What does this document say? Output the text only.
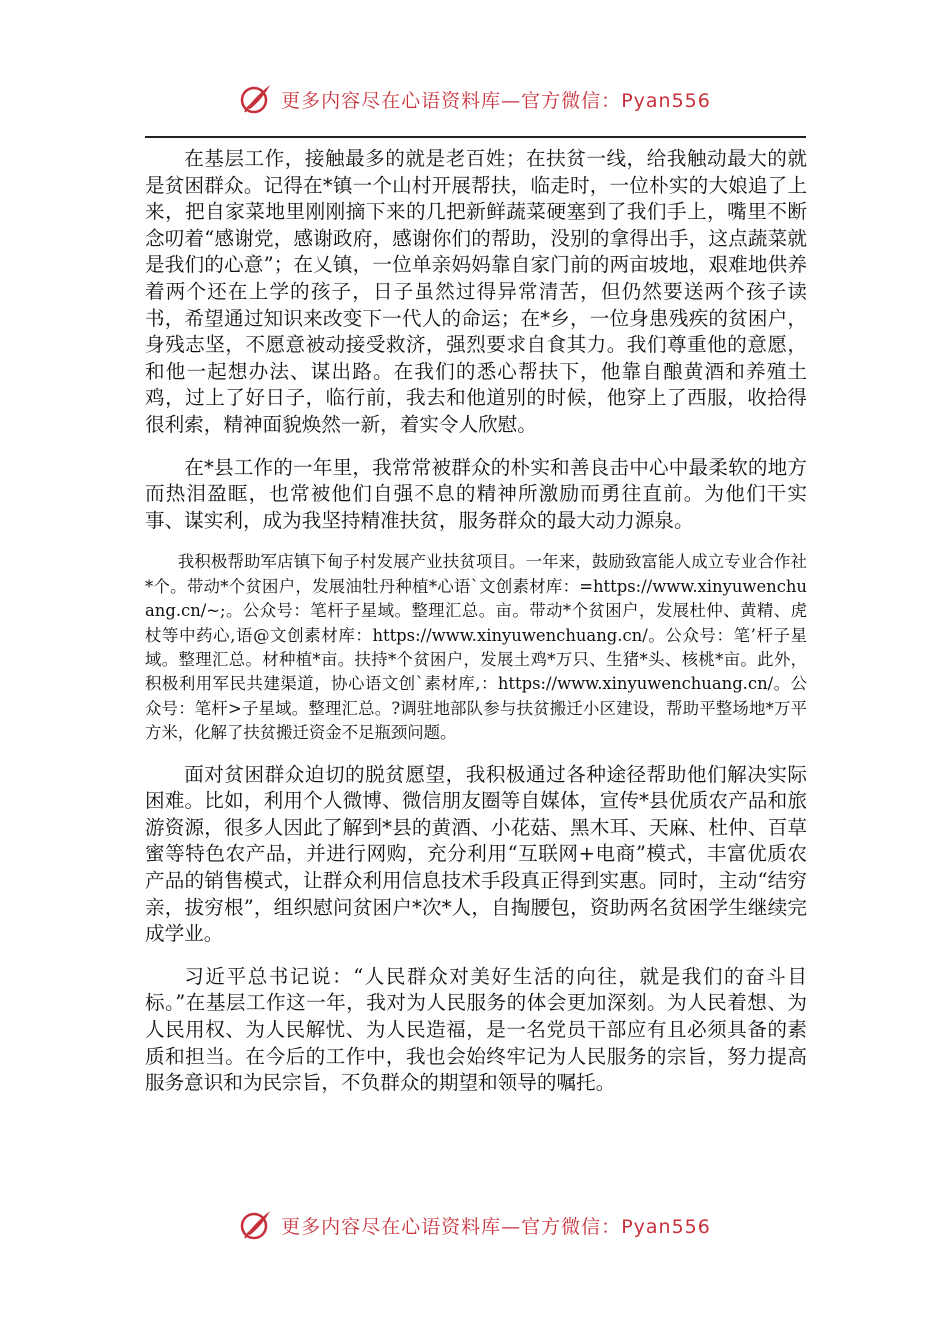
更多内容尽在心语资料库—官方微信：Pyan556

在基层工作，接触最多的就是老百姓；在扶贫一线，给我触动最大的就是贫困群众。记得在*镇一个山村开展帮扶，临走时，一位朴实的大娘追了上来，把自家菜地里刚刚摘下来的几把新鲜蔬菜硬塞到了我们手上，嘴里不断念叨着“感谢党，感谢政府，感谢你们的帮助，没别的拿得出手，这点蔬菜就是我们的心意”；在乂镇，一位单亲妈妈靠自家门前的两亩坡地，艰难地供养着两个还在上学的孩子，日子虽然过得异常清苦，但仍然要送两个孩子读书，希望通过知识来改变下一代人的命运；在*乡，一位身患残疾的贫困户，身残志坚，不愿意被动接受救济，强烈要求自食其力。我们尊重他的意愿，和他一起想办法、谋出路。在我们的悉心帮扶下，他靠自酿黄酒和养殖土鸡，过上了好日子，临行前，我去和他道别的时候，他穿上了西服，收拾得很利索，精神面貌焕然一新，着实令人欣慰。

在*县工作的一年里，我常常被群众的朴实和善良击中心中最柔软的地方而热泪盈眶，也常被他们自强不息的精神所激励而勇往直前。为他们干实事、谋实利，成为我坚持精准扶贫，服务群众的最大动力源泉。

我积极帮助军店镇下甸子村发展产业扶贫项目。一年来，鼓励致富能人成立专业合作社*个。带动*个贫困户，发展油牡丹种植*心语`文创素材库：=https://www.xinyuwenchuang.cn/~;。公众号：笔杆子星域。整理汇总。亩。带动*个贫困户，发展杜仲、黄精、虎杖等中药心,语@文创素材库：https://www.xinyuwenchuang.cn/。公众号：笔’杆子星域。整理汇总。材种植*亩。扶持*个贫困户，发展土鸡*万只、生猪*头、核桃*亩。此外，积极利用军民共建渠道，协心语文创`素材库,：https://www.xinyuwenchuang.cn/。公众号：笔杆>子星域。整理汇总。?调驻地部队参与扶贫搬迁小区建设，帮助平整场地*万平方米，化解了扶贫搬迁资金不足瓶颈问题。

面对贫困群众迫切的脱贫愿望，我积极通过各种途径帮助他们解决实际困难。比如，利用个人微博、微信朋友圈等自媒体，宣传*县优质农产品和旅游资源，很多人因此了解到*县的黄酒、小花菇、黑木耳、天麻、杜仲、百草蜜等特色农产品，并进行网购，充分利用“互联网+电商”模式，丰富优质农产品的销售模式，让群众利用信息技术手段真正得到实惠。同时，主动“结穷亲，拔穷根”，组织慰问贫困户*次*人，自掏腰包，资助两名贫困学生继续完成学业。

习近平总书记说：“人民群众对美好生活的向往，就是我们的奋斗目标。”在基层工作这一年，我对为人民服务的体会更加深刻。为人民着想、为人民用权、为人民解忧、为人民造福，是一名党员干部应有且必须具备的素质和担当。在今后的工作中，我也会始终牢记为人民服务的宗旨，努力提高服务意识和为民宗旨，不负群众的期望和领导的嘱托。

更多内容尽在心语资料库—官方微信：Pyan556
